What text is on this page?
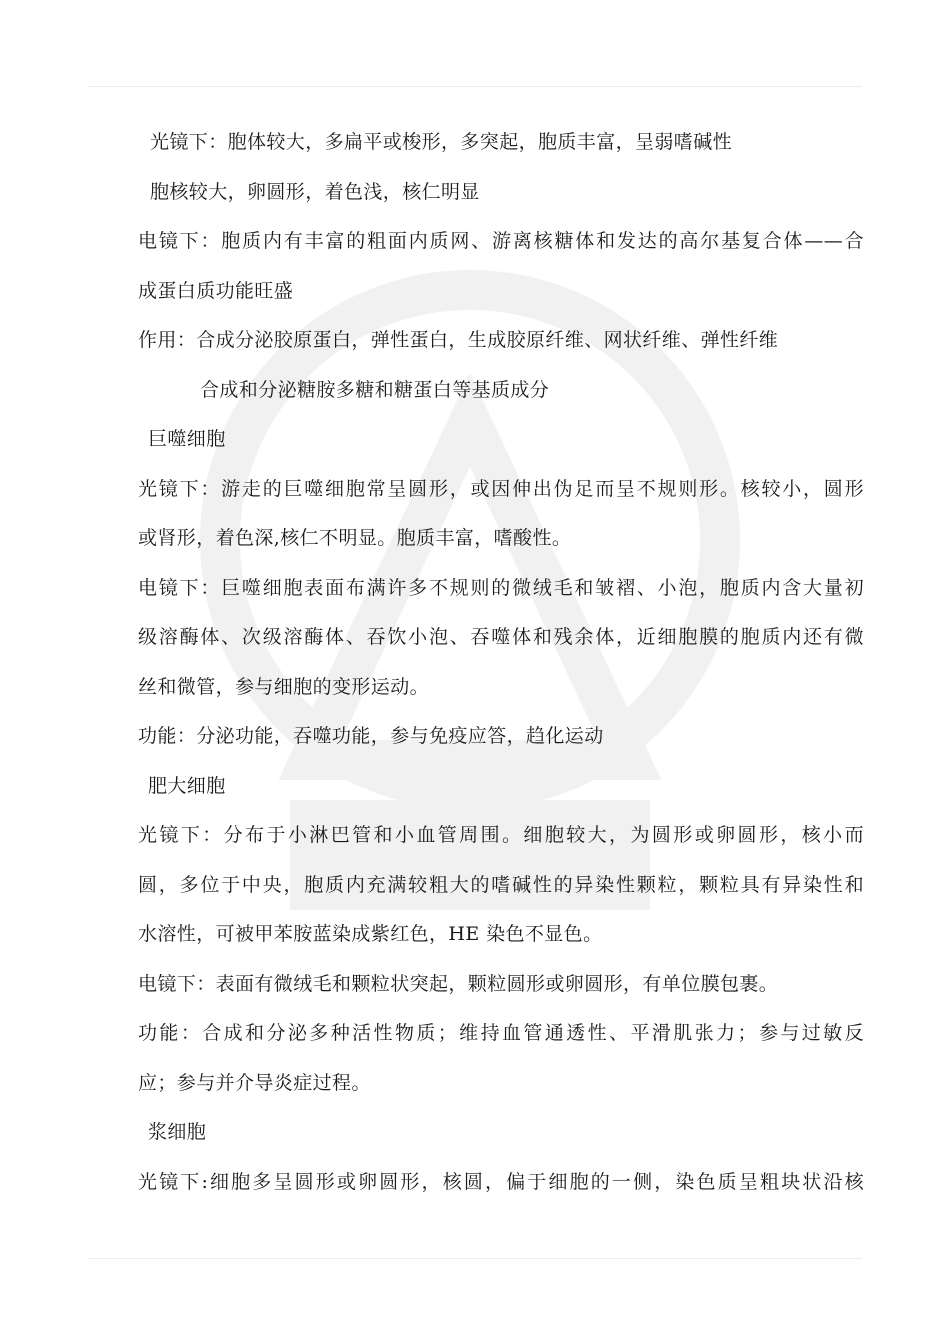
光镜下：胞体较大，多扁平或梭形，多突起，胞质丰富，呈弱嗜碱性
胞核较大，卵圆形，着色浅，核仁明显
电镜下：胞质内有丰富的粗面内质网、游离核糖体和发达的高尔基复合体——合
成蛋白质功能旺盛
作用：合成分泌胶原蛋白，弹性蛋白，生成胶原纤维、网状纤维、弹性纤维
合成和分泌糖胺多糖和糖蛋白等基质成分
巨噬细胞
光镜下：游走的巨噬细胞常呈圆形，或因伸出伪足而呈不规则形。核较小，圆形
或肾形，着色深,核仁不明显。胞质丰富，嗜酸性。
电镜下：巨噬细胞表面布满许多不规则的微绒毛和皱褶、小泡，胞质内含大量初
级溶酶体、次级溶酶体、吞饮小泡、吞噬体和残余体，近细胞膜的胞质内还有微
丝和微管，参与细胞的变形运动。
功能：分泌功能，吞噬功能，参与免疫应答，趋化运动
肥大细胞
光镜下：分布于小淋巴管和小血管周围。细胞较大，为圆形或卵圆形，核小而
圆，多位于中央，胞质内充满较粗大的嗜碱性的异染性颗粒，颗粒具有异染性和
水溶性，可被甲苯胺蓝染成紫红色，HE 染色不显色。
电镜下：表面有微绒毛和颗粒状突起，颗粒圆形或卵圆形，有单位膜包裹。
功能：合成和分泌多种活性物质；维持血管通透性、平滑肌张力；参与过敏反
应；参与并介导炎症过程。
浆细胞
光镜下:细胞多呈圆形或卵圆形，核圆，偏于细胞的一侧，染色质呈粗块状沿核
